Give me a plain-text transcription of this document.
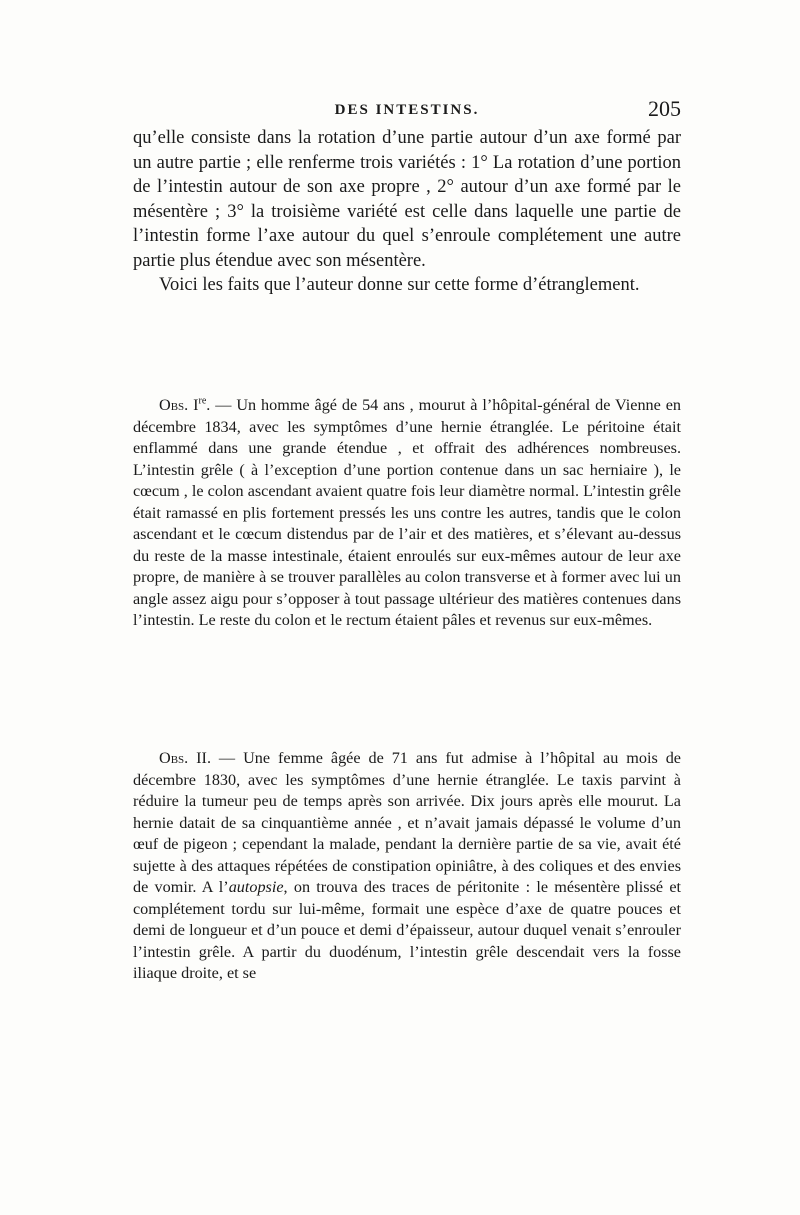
DES INTESTINS.	205

qu’elle consiste dans la rotation d’une partie autour d’un axe formé par un autre partie ; elle renferme trois variétés : 1° La rotation d’une portion de l’intestin autour de son axe propre , 2° autour d’un axe formé par le mésentère ; 3° la troisième variété est celle dans laquelle une partie de l’intestin forme l’axe autour du quel s’enroule complétement une autre partie plus étendue avec son mésentère.

Voici les faits que l’auteur donne sur cette forme d’étranglement.

Obs. Ire. — Un homme âgé de 54 ans , mourut à l’hôpital-général de Vienne en décembre 1834, avec les symptômes d’une hernie étranglée. Le péritoine était enflammé dans une grande étendue , et offrait des adhérences nombreuses. L’intestin grêle ( à l’exception d’une portion contenue dans un sac herniaire ), le cœcum , le colon ascendant avaient quatre fois leur diamètre normal. L’intestin grêle était ramassé en plis fortement pressés les uns contre les autres, tandis que le colon ascendant et le cœcum distendus par de l’air et des matières, et s’élevant au-dessus du reste de la masse intestinale, étaient enroulés sur eux-mêmes autour de leur axe propre, de manière à se trouver parallèles au colon transverse et à former avec lui un angle assez aigu pour s’opposer à tout passage ultérieur des matières contenues dans l’intestin. Le reste du colon et le rectum étaient pâles et revenus sur eux-mêmes.

Obs. II. — Une femme âgée de 71 ans fut admise à l’hôpital au mois de décembre 1830, avec les symptômes d’une hernie étranglée. Le taxis parvint à réduire la tumeur peu de temps après son arrivée. Dix jours après elle mourut. La hernie datait de sa cinquantième année , et n’avait jamais dépassé le volume d’un œuf de pigeon ; cependant la malade, pendant la dernière partie de sa vie, avait été sujette à des attaques répétées de constipation opiniâtre, à des coliques et des envies de vomir. A l’autopsie, on trouva des traces de péritonite : le mésentère plissé et complétement tordu sur lui-même, formait une espèce d’axe de quatre pouces et demi de longueur et d’un pouce et demi d’épaisseur, autour duquel venait s’enrouler l’intestin grêle. A partir du duodénum, l’intestin grêle descendait vers la fosse iliaque droite, et se
